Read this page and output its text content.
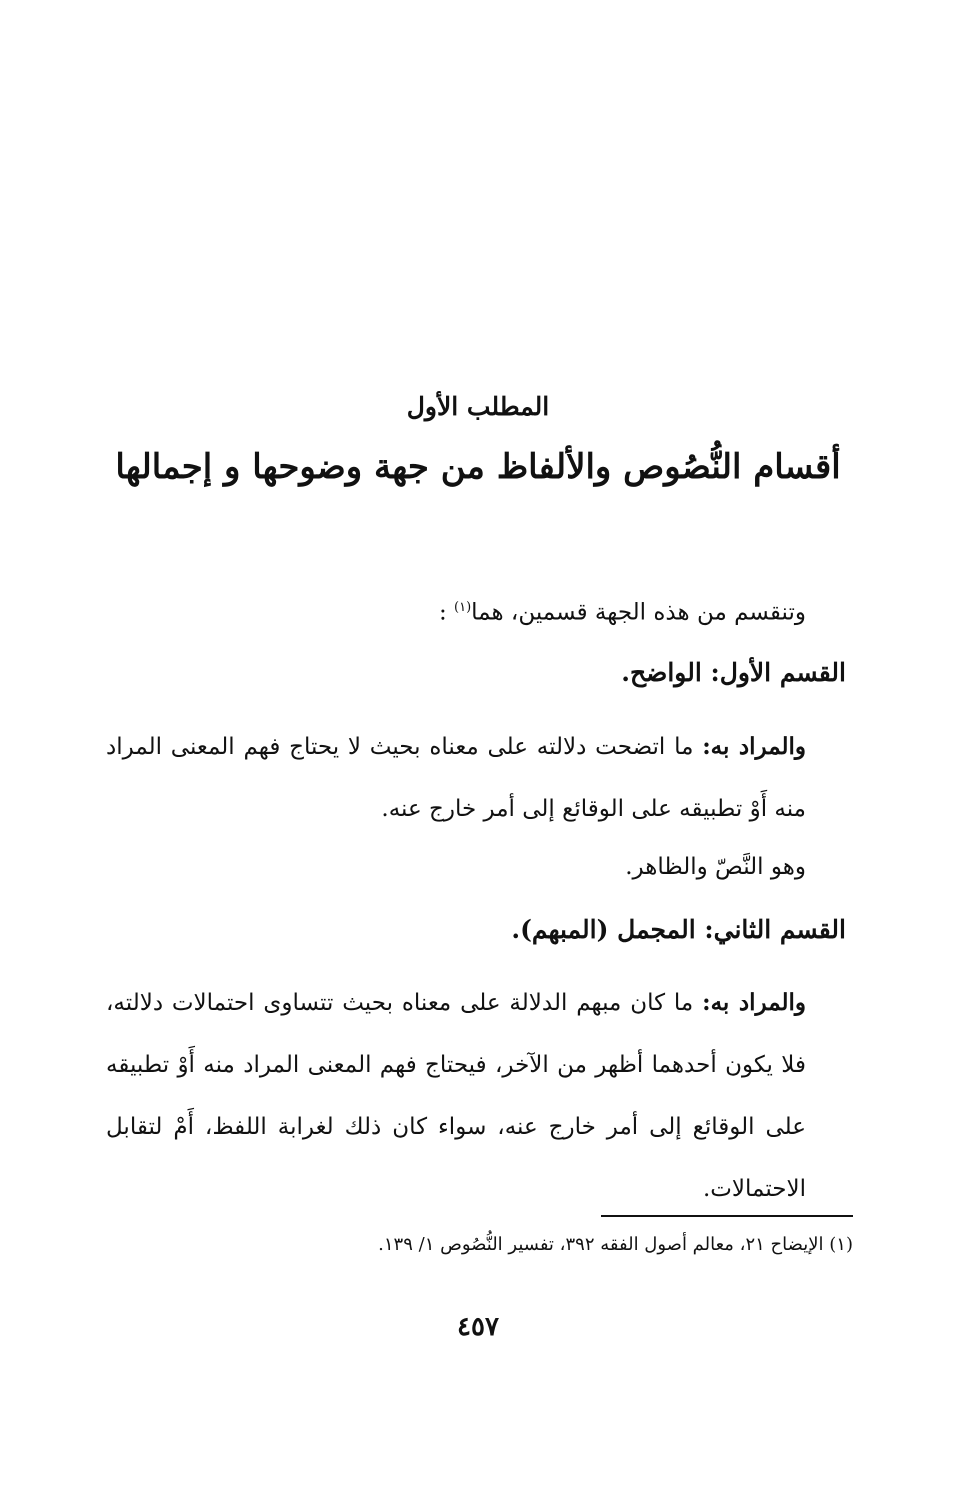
المطلب الأول
أقسام النُّصُوص والألفاظ من جهة وضوحها و إجمالها
وتنقسم من هذه الجهة قسمين، هما$^{(١)}$ :
القسم الأول: الواضح.
والمراد به: ما اتضحت دلالته على معناه بحيث لا يحتاج فهم المعنى المراد منه أَوْ تطبيقه على الوقائع إلى أمر خارج عنه.
وهو النَّصّ والظاهر.
القسم الثاني: المجمل (المبهم).
والمراد به: ما كان مبهم الدلالة على معناه بحيث تتساوى احتمالات دلالته، فلا يكون أحدهما أظهر من الآخر، فيحتاج فهم المعنى المراد منه أَوْ تطبيقه على الوقائع إلى أمر خارج عنه، سواء كان ذلك لغرابة اللفظ، أَمْ لتقابل الاحتمالات.
(١) الإيضاح ٢١، معالم أصول الفقه ٣٩٢، تفسير النُّصُوص ١/ ١٣٩.
٤٥٧
